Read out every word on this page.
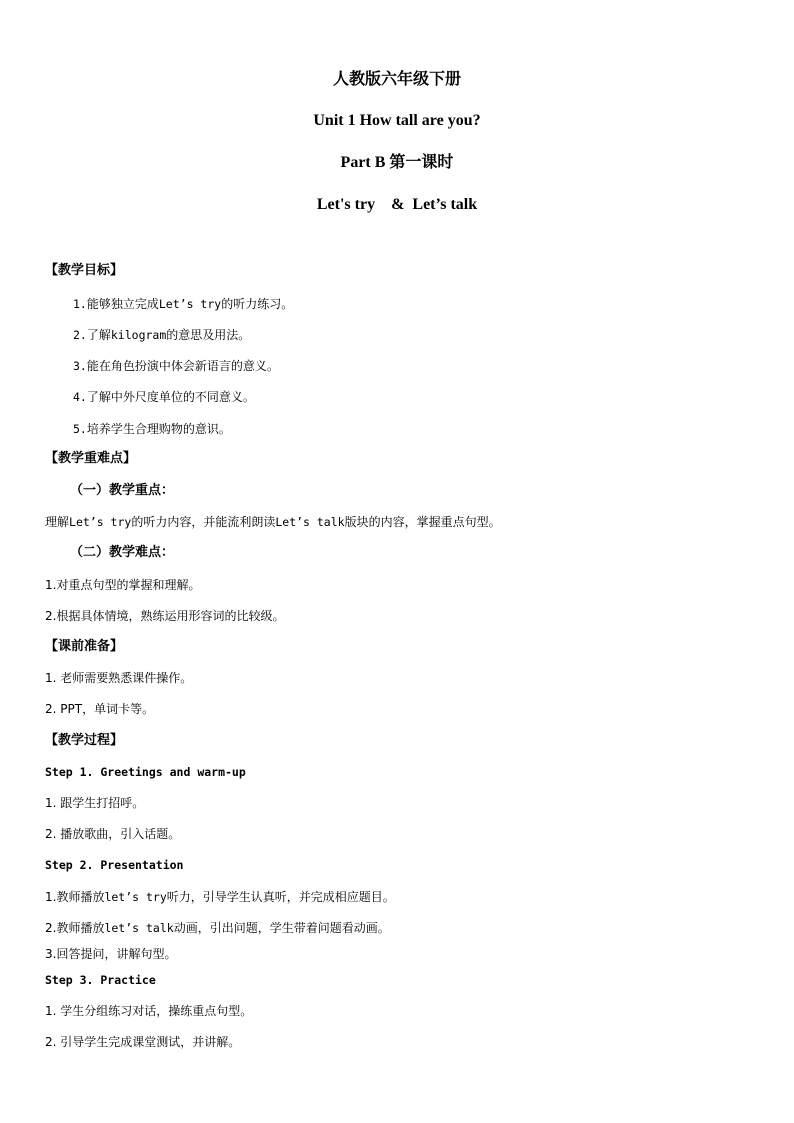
人教版六年级下册
Unit 1 How tall are you?
Part B 第一课时
Let's try    &  Let’s talk
【教学目标】
1.能够独立完成Let’s try的听力练习。
2.了解kilogram的意思及用法。
3.能在角色扮演中体会新语言的意义。
4.了解中外尺度单位的不同意义。
5.培养学生合理购物的意识。
【教学重难点】
（一）教学重点：
理解Let’s try的听力内容，并能流利朗读Let’s talk版块的内容，掌握重点句型。
（二）教学难点：
1.对重点句型的掌握和理解。
2.根据具体情境，熟练运用形容词的比较级。
【课前准备】
1. 老师需要熟悉课件操作。
2. PPT，单词卡等。
【教学过程】
Step 1. Greetings and warm-up
1. 跟学生打招呼。
2. 播放歌曲，引入话题。
Step 2. Presentation
1.教师播放let’s try听力，引导学生认真听，并完成相应题目。
2.教师播放let’s talk动画，引出问题，学生带着问题看动画。
3.回答提问，讲解句型。
Step 3. Practice
1. 学生分组练习对话，操练重点句型。
2. 引导学生完成课堂测试，并讲解。
